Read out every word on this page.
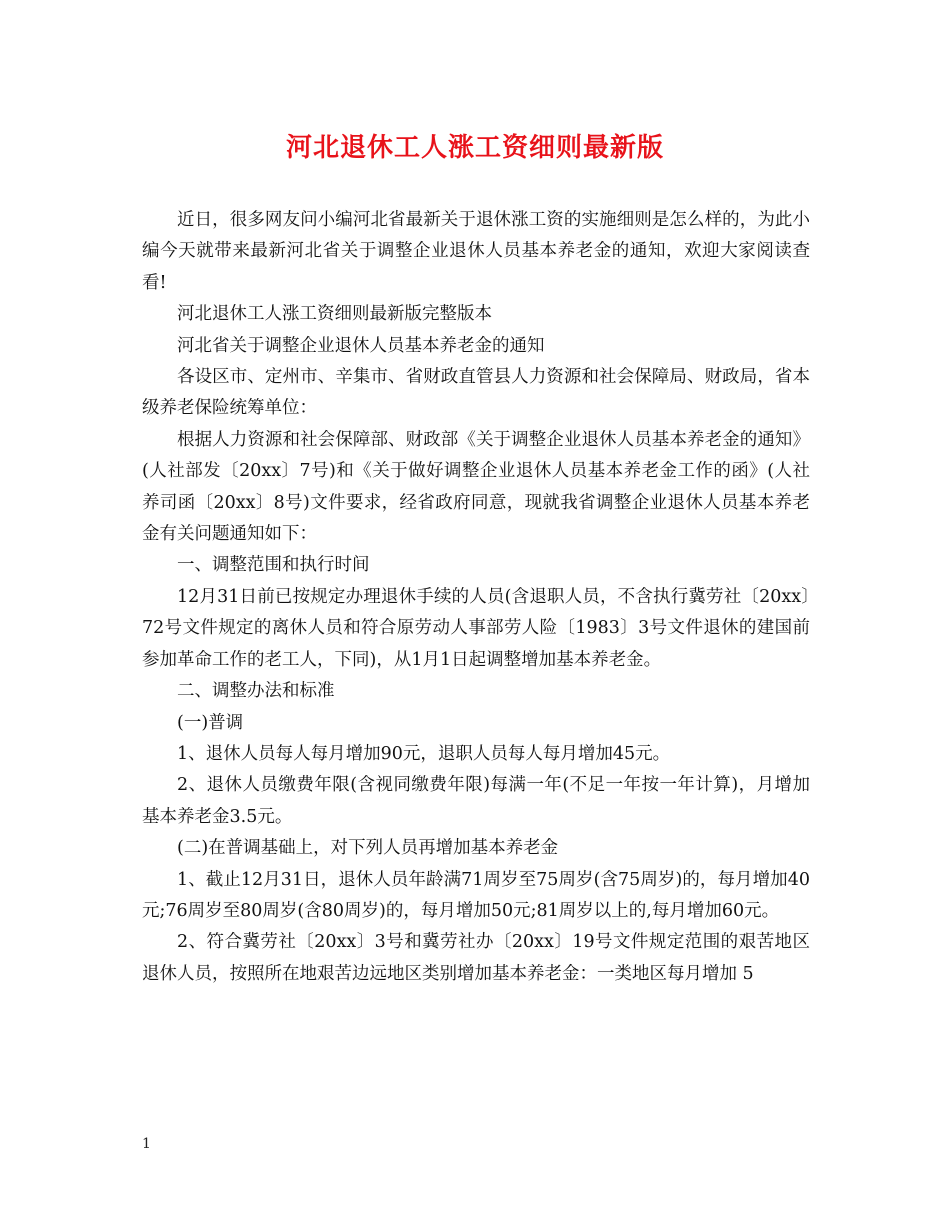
河北退休工人涨工资细则最新版

近日，很多网友问小编河北省最新关于退休涨工资的实施细则是怎么样的，为此小编今天就带来最新河北省关于调整企业退休人员基本养老金的通知，欢迎大家阅读查看!

河北退休工人涨工资细则最新版完整版本

河北省关于调整企业退休人员基本养老金的通知

各设区市、定州市、辛集市、省财政直管县人力资源和社会保障局、财政局，省本级养老保险统筹单位：

根据人力资源和社会保障部、财政部《关于调整企业退休人员基本养老金的通知》(人社部发〔20xx〕7号)和《关于做好调整企业退休人员基本养老金工作的函》(人社养司函〔20xx〕8号)文件要求，经省政府同意，现就我省调整企业退休人员基本养老金有关问题通知如下：

一、调整范围和执行时间

12月31日前已按规定办理退休手续的人员(含退职人员，不含执行冀劳社〔20xx〕72号文件规定的离休人员和符合原劳动人事部劳人险〔1983〕3号文件退休的建国前参加革命工作的老工人，下同)，从1月1日起调整增加基本养老金。

二、调整办法和标准

(一)普调

1、退休人员每人每月增加90元，退职人员每人每月增加45元。

2、退休人员缴费年限(含视同缴费年限)每满一年(不足一年按一年计算)，月增加基本养老金3.5元。

(二)在普调基础上，对下列人员再增加基本养老金

1、截止12月31日，退休人员年龄满71周岁至75周岁(含75周岁)的，每月增加40元;76周岁至80周岁(含80周岁)的，每月增加50元;81周岁以上的,每月增加60元。

2、符合冀劳社〔20xx〕3号和冀劳社办〔20xx〕19号文件规定范围的艰苦地区退休人员，按照所在地艰苦边远地区类别增加基本养老金：一类地区每月增加 5

1
